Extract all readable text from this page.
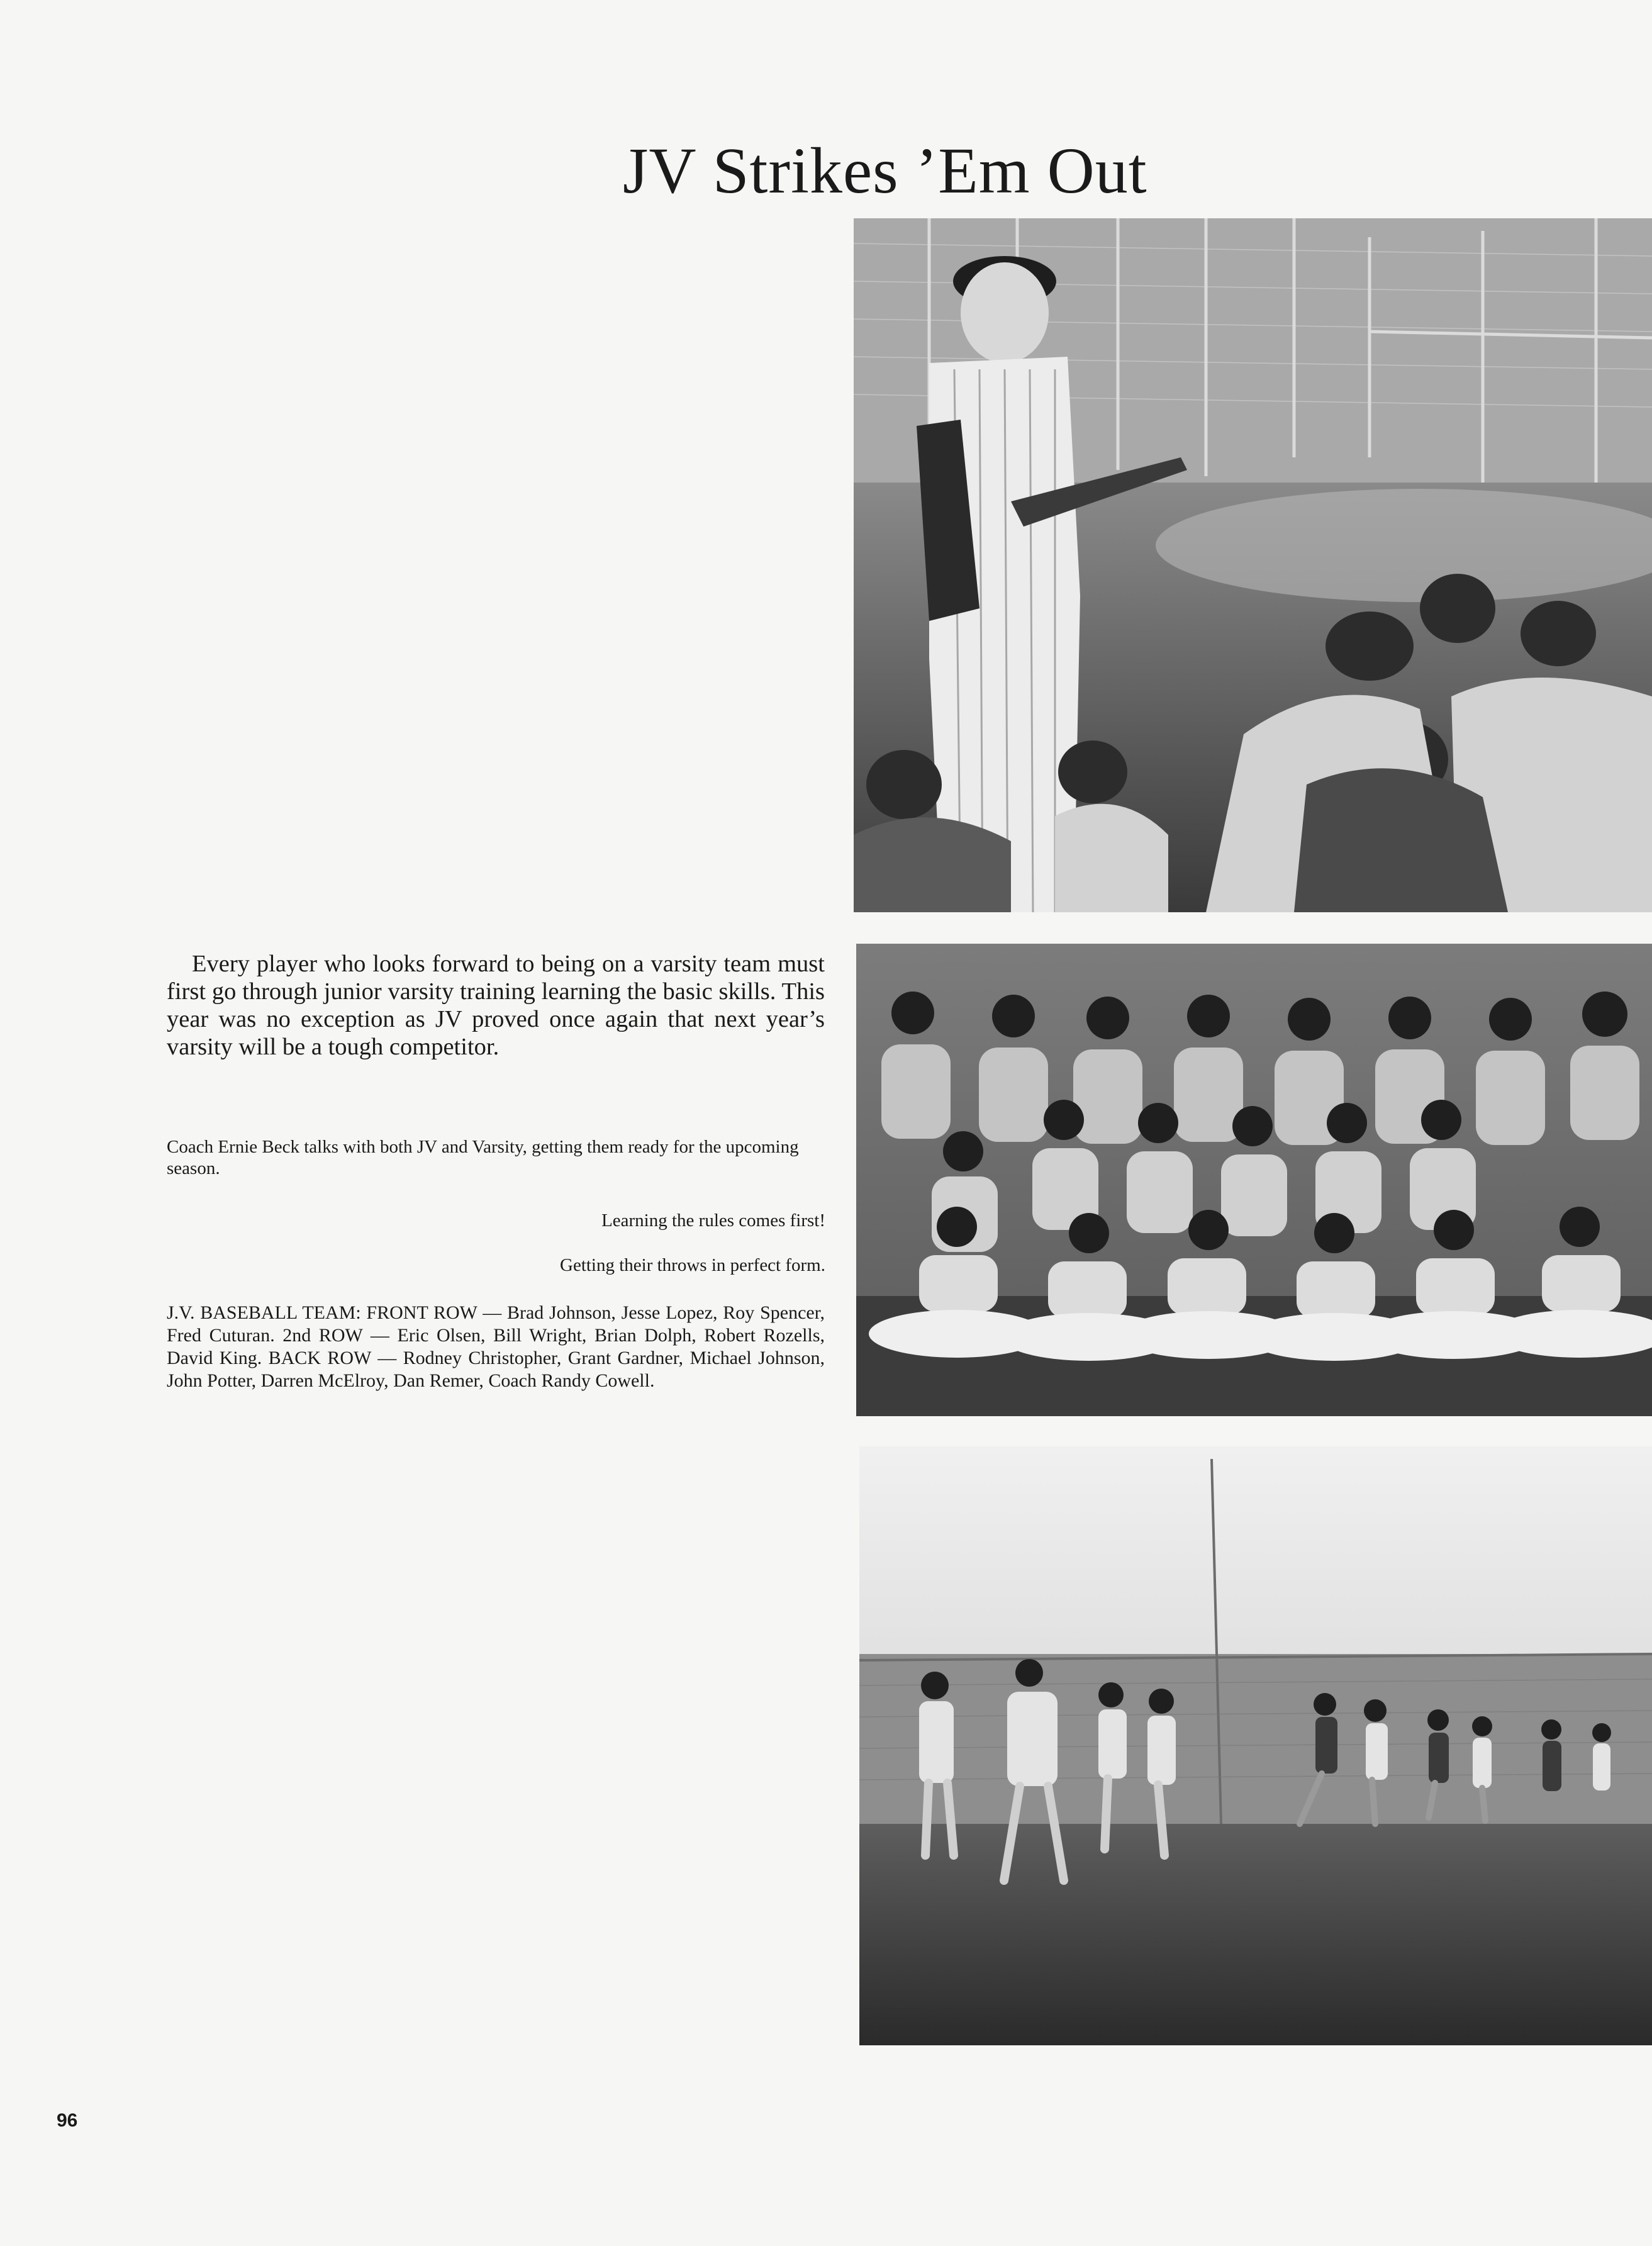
JV Strikes ’Em Out

Every player who looks forward to being on a varsity team must first go through junior varsity training learning the basic skills. This year was no exception as JV proved once again that next year’s varsity will be a tough competitor.

Coach Ernie Beck talks with both JV and Varsity, getting them ready for the upcoming season.

Learning the rules comes first!

Getting their throws in perfect form.

J.V. BASEBALL TEAM: FRONT ROW — Brad Johnson, Jesse Lopez, Roy Spencer, Fred Cuturan. 2nd ROW — Eric Olsen, Bill Wright, Brian Dolph, Robert Rozells, David King. BACK ROW — Rodney Christopher, Grant Gardner, Michael Johnson, John Potter, Darren McElroy, Dan Remer, Coach Randy Cowell.

96
